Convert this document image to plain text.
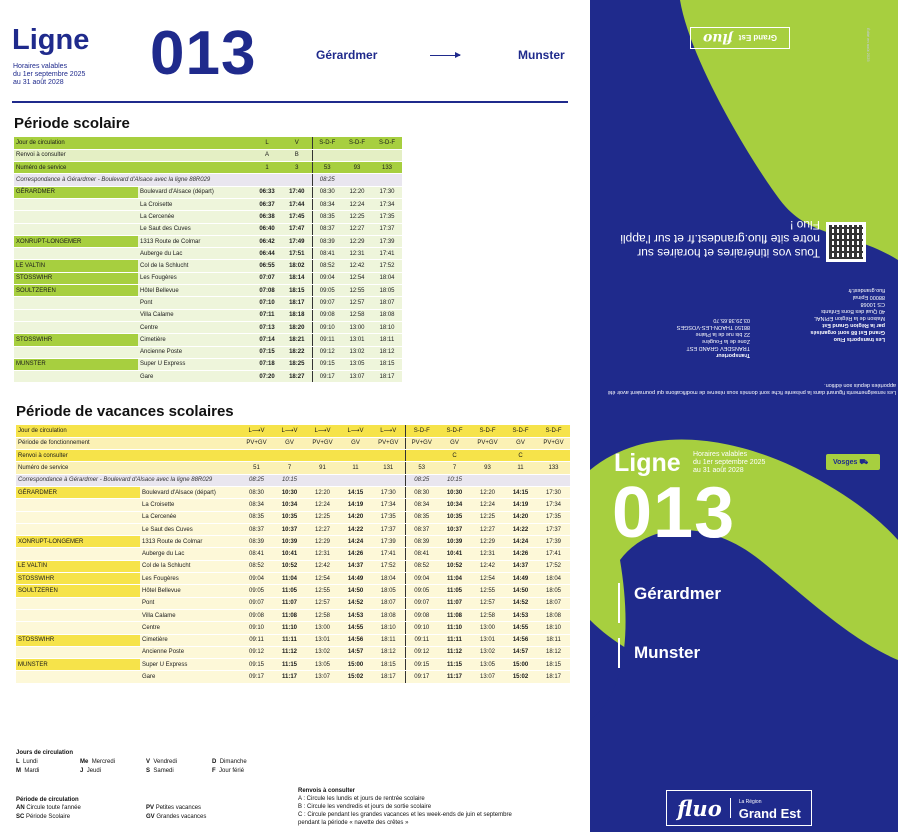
Ligne
Horaires valables
du 1er septembre 2025
au 31 août 2028	013	Gérardmer	Munster
Période scolaire
Jour de circulation		L	V	S-D-F	S-D-F	S-D-F
Renvoi à consulter		A	B			
Numéro de service		1	3	53	93	133
Correspondance à Gérardmer - Boulevard d'Alsace avec la ligne 88R029				08:25		
GÉRARDMER	Boulevard d'Alsace (départ)	06:33	17:40	08:30	12:20	17:30
	La Croisette	06:37	17:44	08:34	12:24	17:34
	La Cercenée	06:38	17:45	08:35	12:25	17:35
	Le Saut des Cuves	06:40	17:47	08:37	12:27	17:37
XONRUPT-LONGEMER	1313 Route de Colmar	06:42	17:49	08:39	12:29	17:39
	Auberge du Lac	06:44	17:51	08:41	12:31	17:41
LE VALTIN	Col de la Schlucht	06:55	18:02	08:52	12:42	17:52
STOSSWIHR	Les Fougères	07:07	18:14	09:04	12:54	18:04
SOULTZEREN	Hôtel Bellevue	07:08	18:15	09:05	12:55	18:05
	Pont	07:10	18:17	09:07	12:57	18:07
	Villa Calame	07:11	18:18	09:08	12:58	18:08
	Centre	07:13	18:20	09:10	13:00	18:10
STOSSWIHR	Cimetière	07:14	18:21	09:11	13:01	18:11
	Ancienne Poste	07:15	18:22	09:12	13:02	18:12
MUNSTER	Super U Express	07:18	18:25	09:15	13:05	18:15
	Gare	07:20	18:27	09:17	13:07	18:17
Période de vacances scolaires
Jour de circulation		L⟶V	L⟶V	L⟶V	L⟶V	L⟶V	S-D-F	S-D-F	S-D-F	S-D-F	S-D-F
Période de fonctionnement		PV+GV	GV	PV+GV	GV	PV+GV	PV+GV	GV	PV+GV	GV	PV+GV
Renvoi à consulter								C		C	
Numéro de service		51	7	91	11	131	53	7	93	11	133
Correspondance à Gérardmer - Boulevard d'Alsace avec la ligne 88R029		08:25	10:15				08:25	10:15			
GÉRARDMER	Boulevard d'Alsace (départ)	08:30	10:30	12:20	14:15	17:30	08:30	10:30	12:20	14:15	17:30
	La Croisette	08:34	10:34	12:24	14:19	17:34	08:34	10:34	12:24	14:19	17:34
	La Cercenée	08:35	10:35	12:25	14:20	17:35	08:35	10:35	12:25	14:20	17:35
	Le Saut des Cuves	08:37	10:37	12:27	14:22	17:37	08:37	10:37	12:27	14:22	17:37
XONRUPT-LONGEMER	1313 Route de Colmar	08:39	10:39	12:29	14:24	17:39	08:39	10:39	12:29	14:24	17:39
	Auberge du Lac	08:41	10:41	12:31	14:26	17:41	08:41	10:41	12:31	14:26	17:41
LE VALTIN	Col de la Schlucht	08:52	10:52	12:42	14:37	17:52	08:52	10:52	12:42	14:37	17:52
STOSSWIHR	Les Fougères	09:04	11:04	12:54	14:49	18:04	09:04	11:04	12:54	14:49	18:04
SOULTZEREN	Hôtel Bellevue	09:05	11:05	12:55	14:50	18:05	09:05	11:05	12:55	14:50	18:05
	Pont	09:07	11:07	12:57	14:52	18:07	09:07	11:07	12:57	14:52	18:07
	Villa Calame	09:08	11:08	12:58	14:53	18:08	09:08	11:08	12:58	14:53	18:08
	Centre	09:10	11:10	13:00	14:55	18:10	09:10	11:10	13:00	14:55	18:10
STOSSWIHR	Cimetière	09:11	11:11	13:01	14:56	18:11	09:11	11:11	13:01	14:56	18:11
	Ancienne Poste	09:12	11:12	13:02	14:57	18:12	09:12	11:12	13:02	14:57	18:12
MUNSTER	Super U Express	09:15	11:15	13:05	15:00	18:15	09:15	11:15	13:05	15:00	18:15
	Gare	09:17	11:17	13:07	15:02	18:17	09:17	11:17	13:07	15:02	18:17
Jours de circulation
L Lundi
M Mardi
Me Mercredi
J Jeudi
V Vendredi
S Samedi
D Dimanche
F Jour férié
Période de circulation
AN Circule toute l'année
SC Période Scolaire
PV Petites vacances
GV Grandes vacances
Renvois à consulter
A : Circule les lundis et jours de rentrée scolaire
B : Circule les vendredis et jours de sortie scolaire
C : Circule pendant les grandes vacances et les week-ends de juin et septembre
pendant la période « navette des crêtes »
Grand Est
fluo	Édité en août 2025
Tous vos itinéraires et horaires sur notre site fluo.grandest.fr et sur l'appli Fluo !
Les transports Fluo
Grand Est 88 sont organisés
par la Région Grand Est
Maison de la Région ÉPINAL
40 Quai des Bons Enfants
CS 10068
88000 Epinal
fluo.grandest.fr
Transporteur
TRANSDEV GRAND EST
Zone de la Fougère
22 bis rue de la Plaine
88150 THAON-LES-VOSGES
03.29.38.65.70
Les renseignements figurant dans la présente fiche sont donnés sous réserve de modifications qui pourraient avoir été apportées depuis son édition.
Ligne Horaires valables
du 1er septembre 2025
au 31 août 2028
Vosges ⛟
013
Gérardmer
Munster
fluo	La Région
Grand Est
